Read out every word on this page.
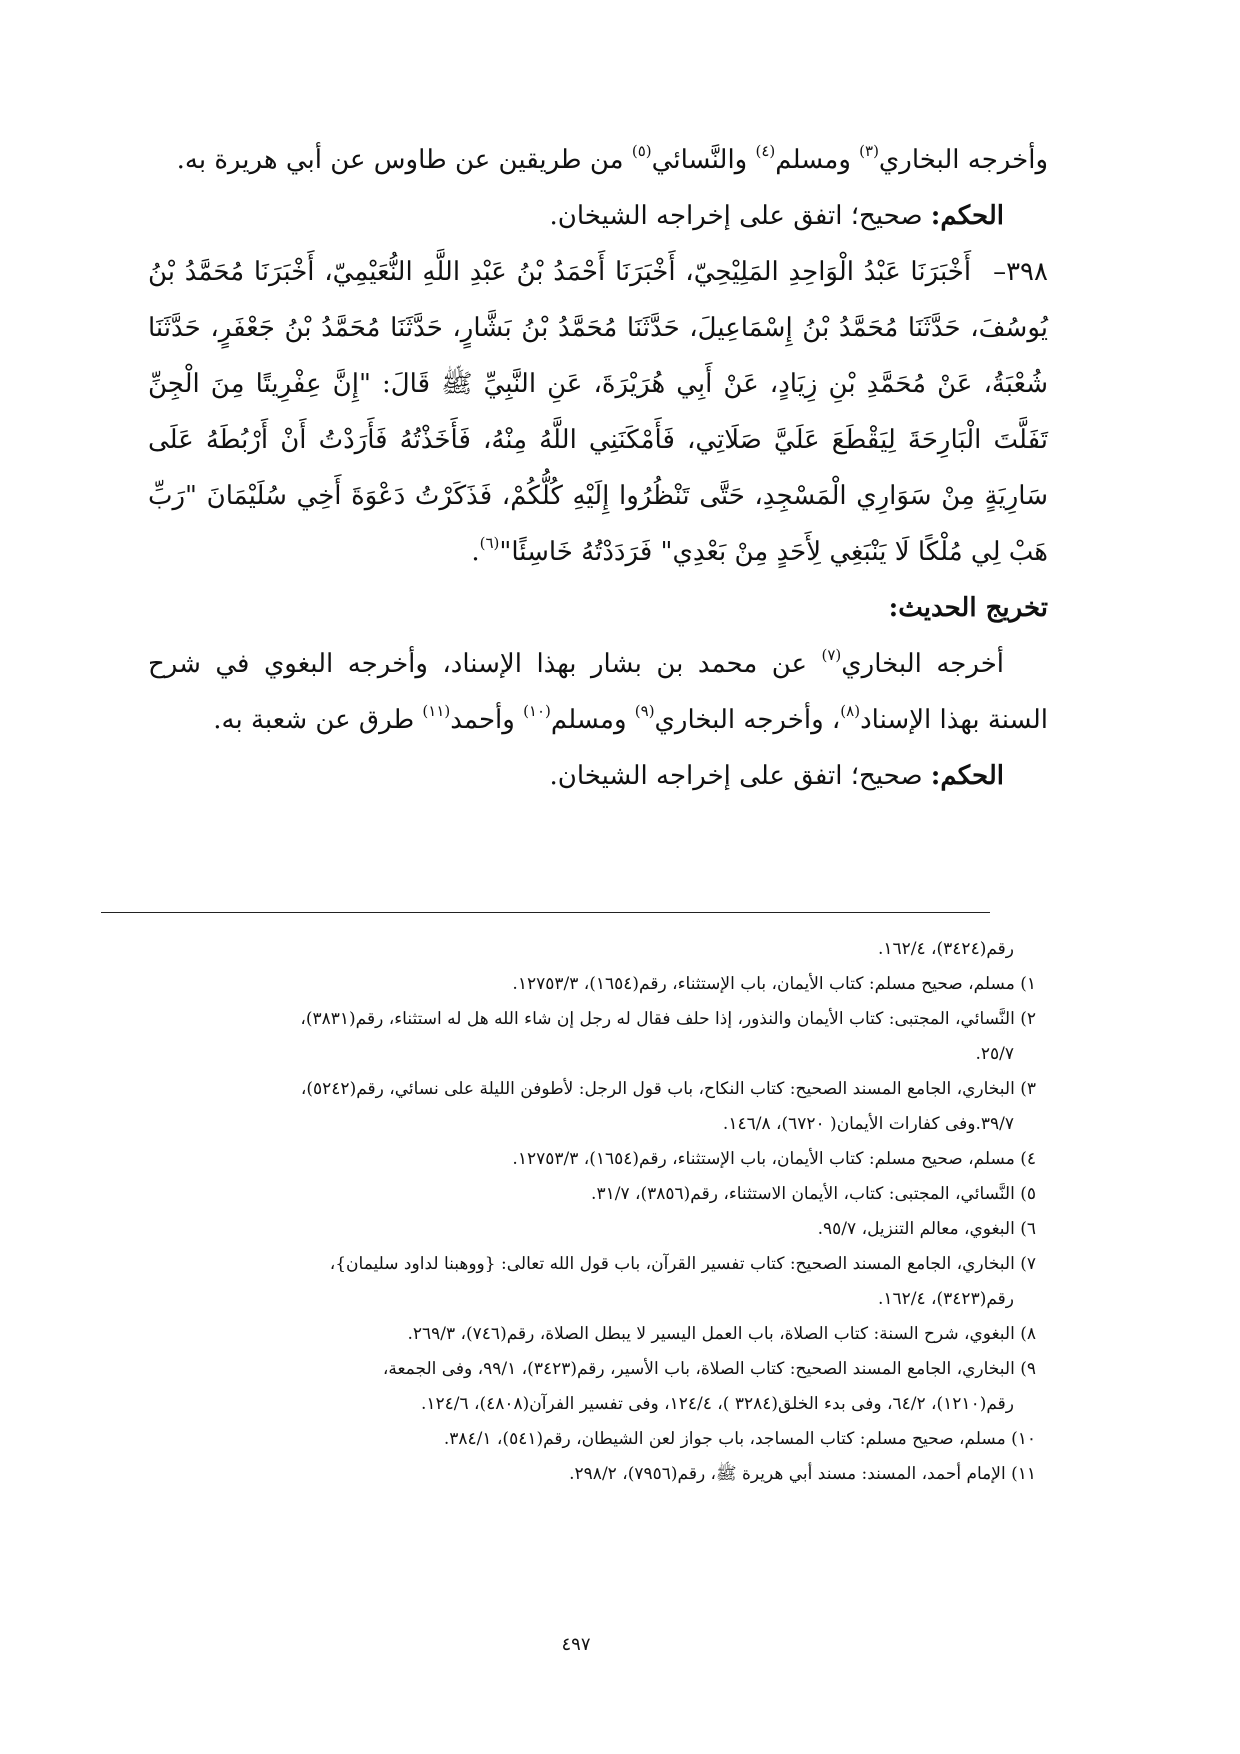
وأخرجه البخاري$^{(٣)}$ ومسلم$^{(٤)}$ والنَّسائي$^{(٥)}$ من طريقين عن طاوس عن أبي هريرة به.

الحكم: صحيح؛ اتفق على إخراجه الشيخان.

٣٩٨–أَخْبَرَنَا عَبْدُ الْوَاحِدِ المَلِيْحِيّ، أَخْبَرَنَا أَحْمَدُ بْنُ عَبْدِ اللَّهِ النُّعَيْمِيّ، أَخْبَرَنَا مُحَمَّدُ بْنُ يُوسُفَ، حَدَّثَنَا مُحَمَّدُ بْنُ إِسْمَاعِيلَ، حَدَّثَنَا مُحَمَّدُ بْنُ بَشَّارٍ، حَدَّثَنَا مُحَمَّدُ بْنُ جَعْفَرٍ، حَدَّثَنَا شُعْبَةُ، عَنْ مُحَمَّدِ بْنِ زِيَادٍ، عَنْ أَبِي هُرَيْرَةَ، عَنِ النَّبِيِّ ﷺ قَالَ: "إِنَّ عِفْرِيتًا مِنَ الْجِنِّ تَفَلَّتَ الْبَارِحَةَ لِيَقْطَعَ عَلَيَّ صَلَاتِي، فَأَمْكَنَنِي اللَّهُ مِنْهُ، فَأَخَذْتُهُ فَأَرَدْتُ أَنْ أَرْبُطَهُ عَلَى سَارِيَةٍ مِنْ سَوَارِي الْمَسْجِدِ، حَتَّى تَنْظُرُوا إِلَيْهِ كُلُّكُمْ، فَذَكَرْتُ دَعْوَةَ أَخِي سُلَيْمَانَ "رَبِّ هَبْ لِي مُلْكًا لَا يَنْبَغِي لِأَحَدٍ مِنْ بَعْدِي" فَرَدَدْتُهُ خَاسِئًا"$^{(٦)}$.

تخريج الحديث:

أخرجه البخاري$^{(٧)}$ عن محمد بن بشار بهذا الإسناد، وأخرجه البغوي في شرح السنة بهذا الإسناد$^{(٨)}$، وأخرجه البخاري$^{(٩)}$ ومسلم$^{(١٠)}$ وأحمد$^{(١١)}$ طرق عن شعبة به.

الحكم: صحيح؛ اتفق على إخراجه الشيخان.

رقم(٣٤٢٤)، ١٦٢/٤.

١) مسلم، صحيح مسلم: كتاب الأيمان، باب الإستثناء، رقم(١٦٥٤)، ١٢٧٥٣/٣.

٢) النَّسائي، المجتبى: كتاب الأيمان والنذور، إذا حلف فقال له رجل إن شاء الله هل له استثناء، رقم(٣٨٣١)،

٢٥/٧.

٣) البخاري، الجامع المسند الصحيح: كتاب النكاح، باب قول الرجل: لأطوفن الليلة على نسائي، رقم(٥٢٤٢)،

٣٩/٧.وفى كفارات الأيمان( ٦٧٢٠)، ١٤٦/٨.

٤) مسلم، صحيح مسلم: كتاب الأيمان، باب الإستثناء، رقم(١٦٥٤)، ١٢٧٥٣/٣.

٥) النَّسائي، المجتبى: كتاب، الأيمان الاستثناء، رقم(٣٨٥٦)، ٣١/٧.

٦) البغوي، معالم التنزيل، ٩٥/٧.

٧) البخاري، الجامع المسند الصحيح: كتاب تفسير القرآن، باب قول الله تعالى: {ووهبنا لداود سليمان}،

رقم(٣٤٢٣)، ١٦٢/٤.

٨) البغوي، شرح السنة: كتاب الصلاة، باب العمل اليسير لا يبطل الصلاة، رقم(٧٤٦)، ٢٦٩/٣.

٩) البخاري، الجامع المسند الصحيح: كتاب الصلاة، باب الأسير، رقم(٣٤٢٣)، ٩٩/١، وفى الجمعة،

رقم(١٢١٠)، ٦٤/٢، وفى بدء الخلق(٣٢٨٤ )، ١٢٤/٤، وفى تفسير الفرآن(٤٨٠٨)، ١٢٤/٦.

١٠) مسلم، صحيح مسلم: كتاب المساجد، باب جواز لعن الشيطان، رقم(٥٤١)، ٣٨٤/١.

١١) الإمام أحمد، المسند: مسند أبي هريرة ﷺ، رقم(٧٩٥٦)، ٢٩٨/٢.

٤٩٧
